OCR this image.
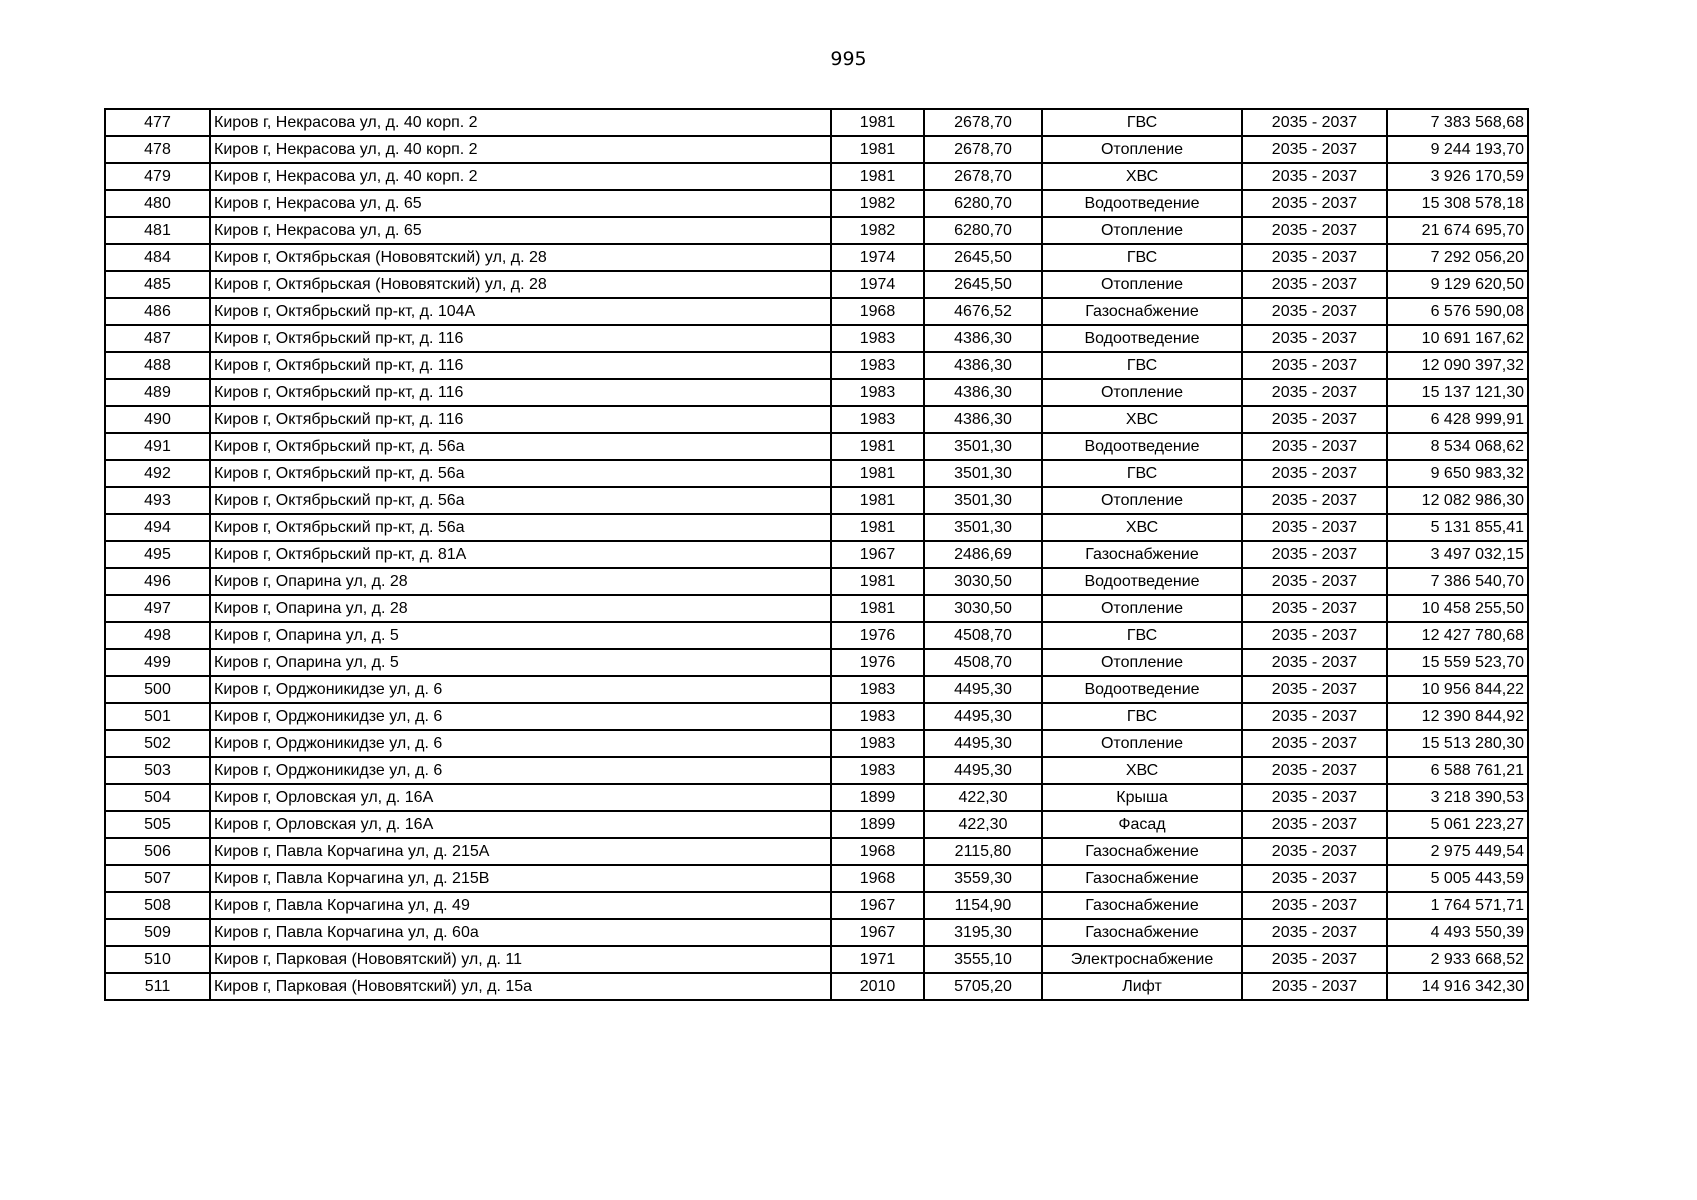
995
477	Киров г, Некрасова ул, д. 40 корп. 2	1981	2678,70	ГВС	2035 - 2037	7 383 568,68
478	Киров г, Некрасова ул, д. 40 корп. 2	1981	2678,70	Отопление	2035 - 2037	9 244 193,70
479	Киров г, Некрасова ул, д. 40 корп. 2	1981	2678,70	ХВС	2035 - 2037	3 926 170,59
480	Киров г, Некрасова ул, д. 65	1982	6280,70	Водоотведение	2035 - 2037	15 308 578,18
481	Киров г, Некрасова ул, д. 65	1982	6280,70	Отопление	2035 - 2037	21 674 695,70
484	Киров г, Октябрьская (Нововятский) ул, д. 28	1974	2645,50	ГВС	2035 - 2037	7 292 056,20
485	Киров г, Октябрьская (Нововятский) ул, д. 28	1974	2645,50	Отопление	2035 - 2037	9 129 620,50
486	Киров г, Октябрьский пр-кт, д. 104А	1968	4676,52	Газоснабжение	2035 - 2037	6 576 590,08
487	Киров г, Октябрьский пр-кт, д. 116	1983	4386,30	Водоотведение	2035 - 2037	10 691 167,62
488	Киров г, Октябрьский пр-кт, д. 116	1983	4386,30	ГВС	2035 - 2037	12 090 397,32
489	Киров г, Октябрьский пр-кт, д. 116	1983	4386,30	Отопление	2035 - 2037	15 137 121,30
490	Киров г, Октябрьский пр-кт, д. 116	1983	4386,30	ХВС	2035 - 2037	6 428 999,91
491	Киров г, Октябрьский пр-кт, д. 56а	1981	3501,30	Водоотведение	2035 - 2037	8 534 068,62
492	Киров г, Октябрьский пр-кт, д. 56а	1981	3501,30	ГВС	2035 - 2037	9 650 983,32
493	Киров г, Октябрьский пр-кт, д. 56а	1981	3501,30	Отопление	2035 - 2037	12 082 986,30
494	Киров г, Октябрьский пр-кт, д. 56а	1981	3501,30	ХВС	2035 - 2037	5 131 855,41
495	Киров г, Октябрьский пр-кт, д. 81А	1967	2486,69	Газоснабжение	2035 - 2037	3 497 032,15
496	Киров г, Опарина ул, д. 28	1981	3030,50	Водоотведение	2035 - 2037	7 386 540,70
497	Киров г, Опарина ул, д. 28	1981	3030,50	Отопление	2035 - 2037	10 458 255,50
498	Киров г, Опарина ул, д. 5	1976	4508,70	ГВС	2035 - 2037	12 427 780,68
499	Киров г, Опарина ул, д. 5	1976	4508,70	Отопление	2035 - 2037	15 559 523,70
500	Киров г, Орджоникидзе ул, д. 6	1983	4495,30	Водоотведение	2035 - 2037	10 956 844,22
501	Киров г, Орджоникидзе ул, д. 6	1983	4495,30	ГВС	2035 - 2037	12 390 844,92
502	Киров г, Орджоникидзе ул, д. 6	1983	4495,30	Отопление	2035 - 2037	15 513 280,30
503	Киров г, Орджоникидзе ул, д. 6	1983	4495,30	ХВС	2035 - 2037	6 588 761,21
504	Киров г, Орловская ул, д. 16А	1899	422,30	Крыша	2035 - 2037	3 218 390,53
505	Киров г, Орловская ул, д. 16А	1899	422,30	Фасад	2035 - 2037	5 061 223,27
506	Киров г, Павла Корчагина ул, д. 215А	1968	2115,80	Газоснабжение	2035 - 2037	2 975 449,54
507	Киров г, Павла Корчагина ул, д. 215В	1968	3559,30	Газоснабжение	2035 - 2037	5 005 443,59
508	Киров г, Павла Корчагина ул, д. 49	1967	1154,90	Газоснабжение	2035 - 2037	1 764 571,71
509	Киров г, Павла Корчагина ул, д. 60а	1967	3195,30	Газоснабжение	2035 - 2037	4 493 550,39
510	Киров г, Парковая (Нововятский) ул, д. 11	1971	3555,10	Электроснабжение	2035 - 2037	2 933 668,52
511	Киров г, Парковая (Нововятский) ул, д. 15а	2010	5705,20	Лифт	2035 - 2037	14 916 342,30
